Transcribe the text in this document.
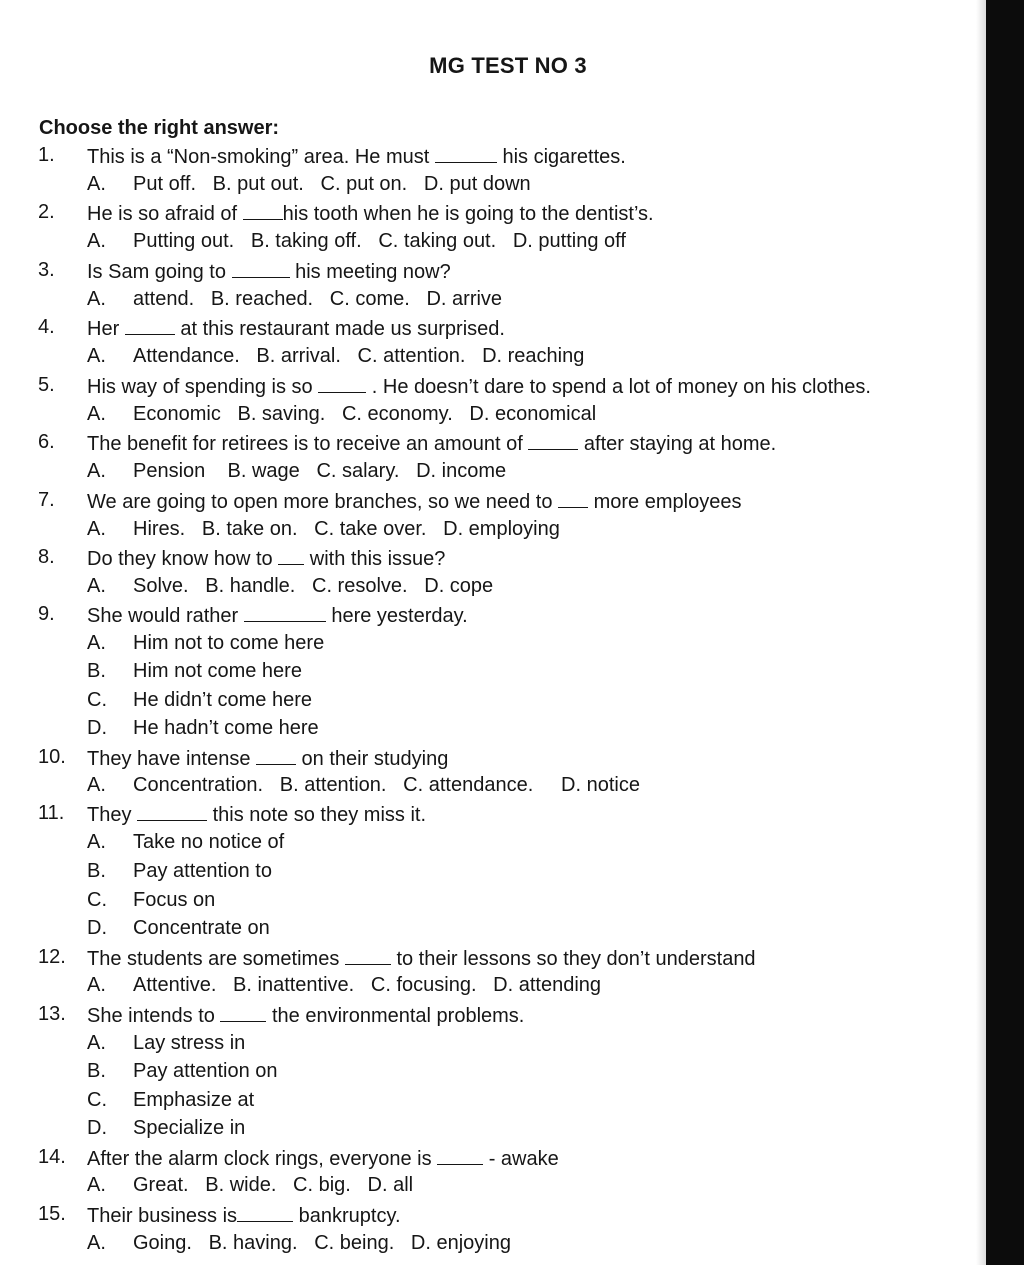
MG TEST NO 3
Choose the right answer:
1. This is a “Non-smoking” area. He must	his cigarettes.
A. Put off.   B. put out.   C. put on.   D. put down
2. He is so afraid of his tooth when he is going to the dentist’s.
A. Putting out.   B. taking off.   C. taking out.   D. putting off
3. Is Sam going to	his meeting now?
A. attend.   B. reached.   C. come.   D. arrive
4. Her	at this restaurant made us surprised.
A. Attendance.   B. arrival.   C. attention.   D. reaching
5. His way of spending is so  . He doesn’t dare to spend a lot of money on his clothes.
A. Economic   B. saving.   C. economy.   D. economical
6. The benefit for retirees is to receive an amount of	after staying at home.
A. Pension    B. wage   C. salary.   D. income
7. We are going to open more branches, so we need to  more employees
A. Hires.   B. take on.   C. take over.   D. employing
8. Do they know how to  with this issue?
A. Solve.   B. handle.   C. resolve.   D. cope
9. She would rather	here yesterday.
A. Him not to come here
B. Him not come here
C. He didn’t come here
D. He hadn’t come here
10. They have intense  on their studying
A. Concentration.   B. attention.   C. attendance.     D. notice
11. They	this note so they miss it.
A. Take no notice of
B. Pay attention to
C. Focus on
D. Concentrate on
12. The students are sometimes  to their lessons so they don’t understand
A. Attentive.   B. inattentive.   C. focusing.   D. attending
13. She intends to  the environmental problems.
A. Lay stress in
B. Pay attention on
C. Emphasize at
D. Specialize in
14. After the alarm clock rings, everyone is  - awake
A. Great.   B. wide.   C. big.   D. all
15. Their business is	bankruptcy.
A. Going.   B. having.   C. being.   D. enjoying
